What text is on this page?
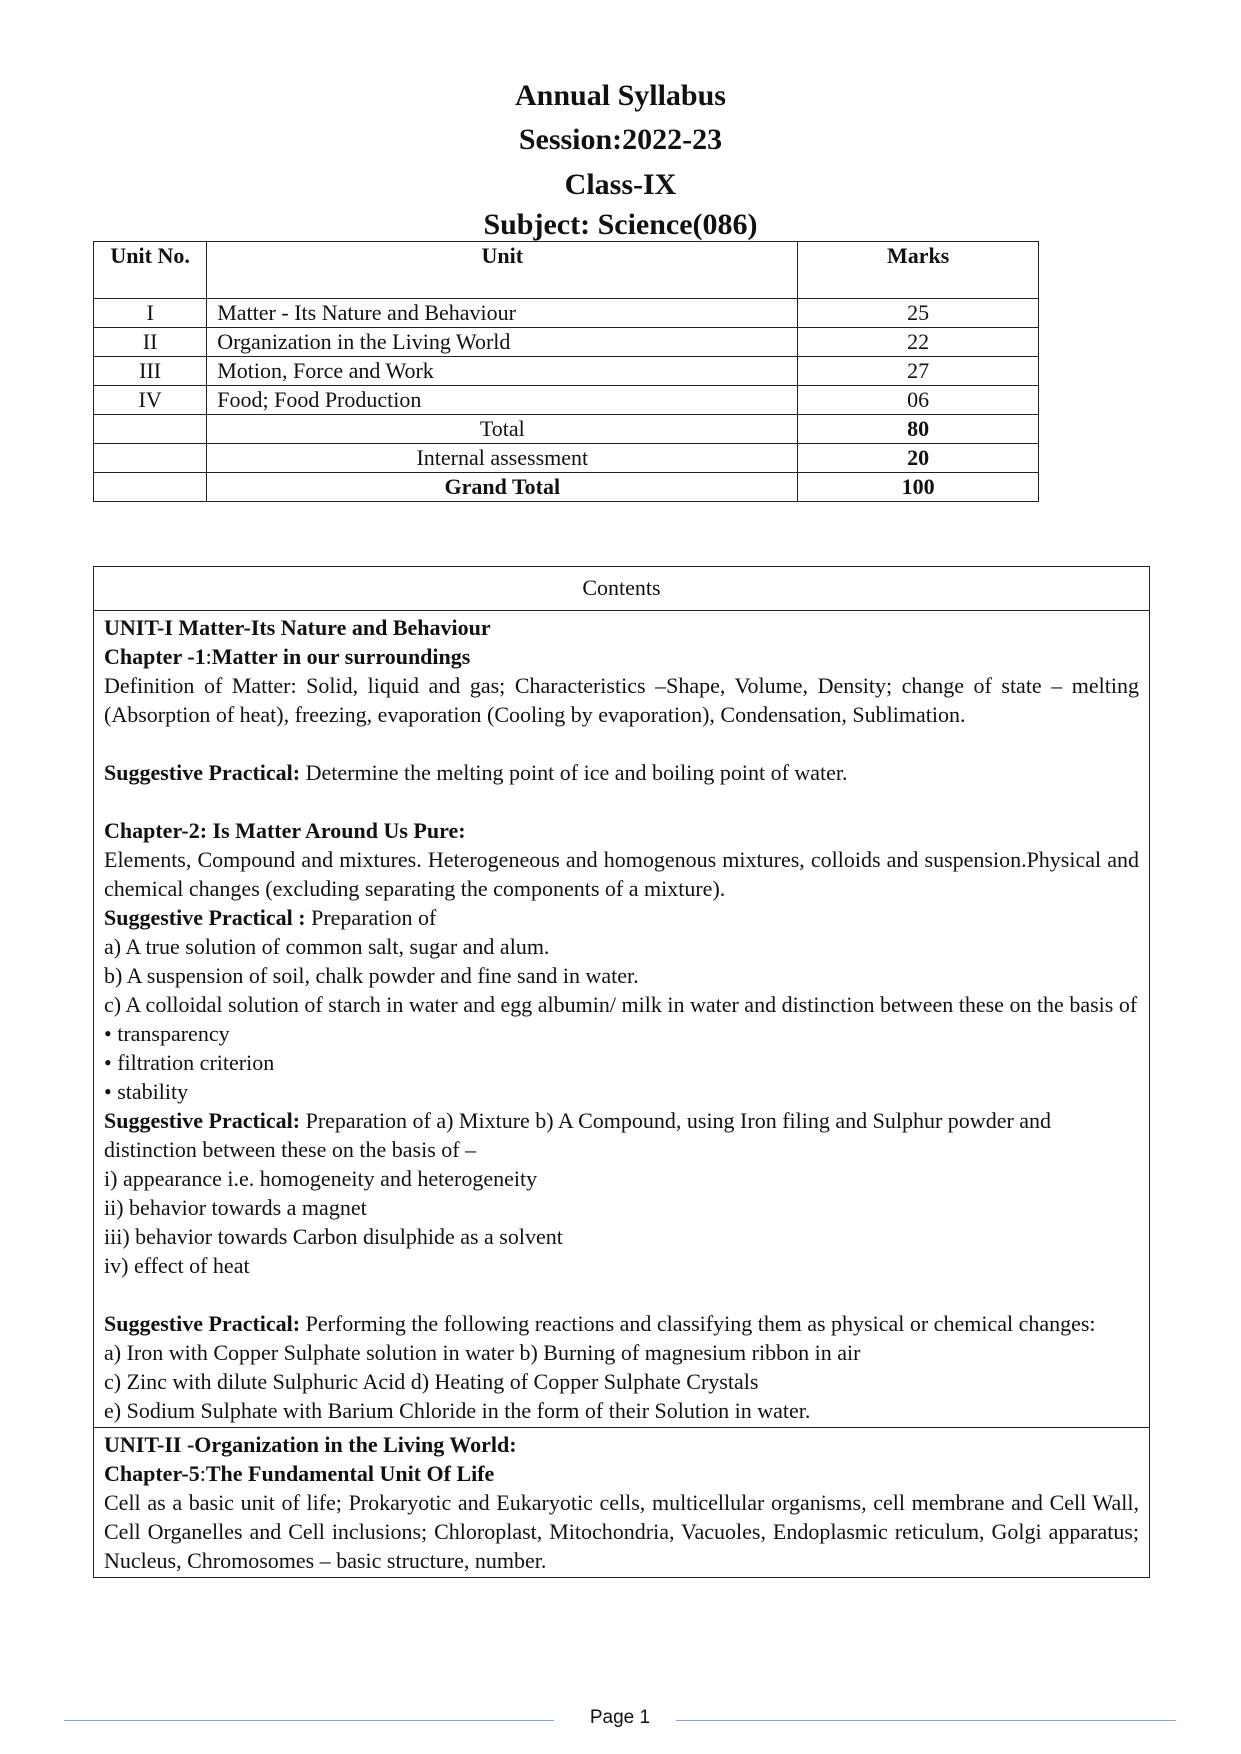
Annual Syllabus
Session:2022-23
Class-IX
Subject: Science(086)
Unit No.	Unit	Marks
I	Matter - Its Nature and Behaviour	25
II	Organization in the Living World	22
III	Motion, Force and Work	27
IV	Food; Food Production	06
	Total	80
	Internal assessment	20
	Grand Total	100
Contents

UNIT-I Matter-Its Nature and Behaviour

Chapter -1:Matter in our surroundings

Definition of Matter: Solid, liquid and gas; Characteristics –Shape, Volume, Density; change of state – melting (Absorption of heat), freezing, evaporation (Cooling by evaporation), Condensation, Sublimation.

Suggestive Practical: Determine the melting point of ice and boiling point of water.

Chapter-2: Is Matter Around Us Pure:

Elements, Compound and mixtures. Heterogeneous and homogenous mixtures, colloids and suspension.Physical and chemical changes (excluding separating the components of a mixture).

Suggestive Practical : Preparation of

a) A true solution of common salt, sugar and alum.

b) A suspension of soil, chalk powder and fine sand in water.

c) A colloidal solution of starch in water and egg albumin/ milk in water and distinction between these on the basis of

• transparency

• filtration criterion

• stability

Suggestive Practical: Preparation of a) Mixture b) A Compound, using Iron filing and Sulphur powder and distinction between these on the basis of –

i) appearance i.e. homogeneity and heterogeneity

ii) behavior towards a magnet

iii) behavior towards Carbon disulphide as a solvent

iv) effect of heat

Suggestive Practical: Performing the following reactions and classifying them as physical or chemical changes:

a) Iron with Copper Sulphate solution in water b) Burning of magnesium ribbon in air

c) Zinc with dilute Sulphuric Acid d) Heating of Copper Sulphate Crystals

e) Sodium Sulphate with Barium Chloride in the form of their Solution in water.

UNIT-II -Organization in the Living World:

Chapter-5:The Fundamental Unit Of Life

Cell as a basic unit of life; Prokaryotic and Eukaryotic cells, multicellular organisms, cell membrane and Cell Wall, Cell Organelles and Cell inclusions; Chloroplast, Mitochondria, Vacuoles, Endoplasmic reticulum, Golgi apparatus; Nucleus, Chromosomes – basic structure, number.

Page 1
